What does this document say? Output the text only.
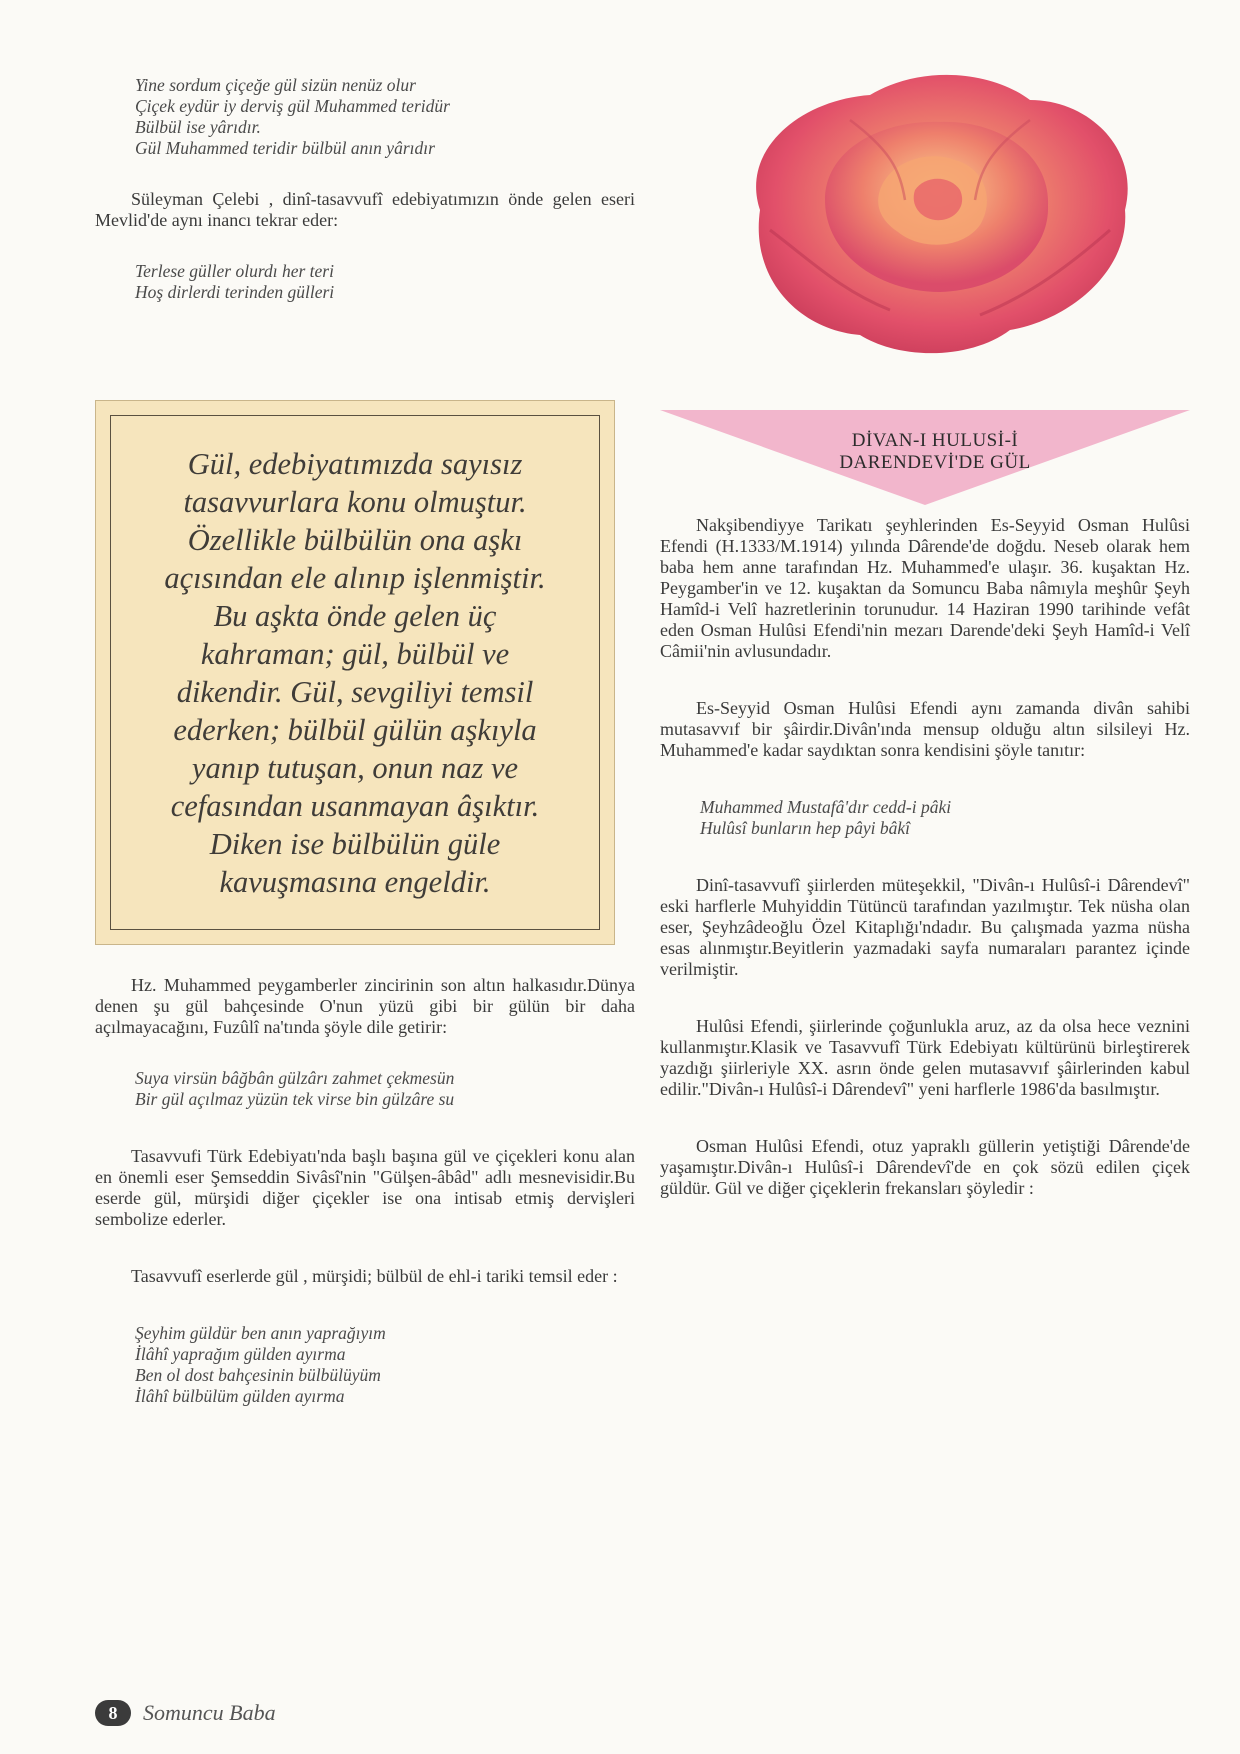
Yine sordum çiçeğe gül sizün nenüz olur
Çiçek eydür iy derviş gül Muhammed teridür
Bülbül ise yârıdır.
Gül Muhammed teridir bülbül anın yârıdır

Süleyman Çelebi , dinî-tasavvufî edebiyatımızın önde gelen eseri Mevlid'de aynı inancı tekrar eder:

Terlese güller olurdı her teri
Hoş dirlerdi terinden gülleri
Gül, edebiyatımızda sayısız
tasavvurlara konu olmuştur.
Özellikle bülbülün ona aşkı
açısından ele alınıp işlenmiştir.
Bu aşkta önde gelen üç
kahraman; gül, bülbül ve
dikendir. Gül, sevgiliyi temsil
ederken; bülbül gülün aşkıyla
yanıp tutuşan, onun naz ve
cefasından usanmayan âşıktır.
Diken ise bülbülün güle
kavuşmasına engeldir.

Hz. Muhammed peygamberler zincirinin son altın halkasıdır.Dünya denen şu gül bahçesinde O'nun yüzü gibi bir gülün bir daha açılmayacağını, Fuzûlî na'tında şöyle dile getirir:

Suya virsün bâğbân gülzârı zahmet çekmesün
Bir gül açılmaz yüzün tek virse bin gülzâre su

Tasavvufi Türk Edebiyatı'nda başlı başına gül ve çiçekleri konu alan en önemli eser Şemseddin Sivâsî'nin "Gülşen-âbâd" adlı mesnevisidir.Bu eserde gül, mürşidi diğer çiçekler ise ona intisab etmiş dervişleri sembolize ederler.

Tasavvufî eserlerde gül , mürşidi; bülbül de ehl-i tariki temsil eder :

Şeyhim güldür ben anın yaprağıyım
İlâhî yaprağım gülden ayırma
Ben ol dost bahçesinin bülbülüyüm
İlâhî bülbülüm gülden ayırma
DİVAN-I HULUSİ-İ
DARENDEVİ'DE GÜL

Nakşibendiyye Tarikatı şeyhlerinden Es-Seyyid Osman Hulûsi Efendi (H.1333/M.1914) yılında Dârende'de doğdu. Neseb olarak hem baba hem anne tarafından Hz. Muhammed'e ulaşır. 36. kuşaktan Hz. Peygamber'in ve 12. kuşaktan da Somuncu Baba nâmıyla meşhûr Şeyh Hamîd-i Velî hazretlerinin torunudur. 14 Haziran 1990 tarihinde vefât eden Osman Hulûsi Efendi'nin mezarı Darende'deki Şeyh Hamîd-i Velî Câmii'nin avlusundadır.

Es-Seyyid Osman Hulûsi Efendi aynı zamanda divân sahibi mutasavvıf bir şâirdir.Divân'ında mensup olduğu altın silsileyi Hz. Muhammed'e kadar saydıktan sonra kendisini şöyle tanıtır:

Muhammed Mustafâ'dır cedd-i pâki
Hulûsî bunların hep pâyi bâkî

Dinî-tasavvufî şiirlerden müteşekkil, "Divân-ı Hulûsî-i Dârendevî" eski harflerle Muhyiddin Tütüncü tarafından yazılmıştır. Tek nüsha olan eser, Şeyhzâdeoğlu Özel Kitaplığı'ndadır. Bu çalışmada yazma nüsha esas alınmıştır.Beyitlerin yazmadaki sayfa numaraları parantez içinde verilmiştir.

Hulûsi Efendi, şiirlerinde çoğunlukla aruz, az da olsa hece veznini kullanmıştır.Klasik ve Tasavvufî Türk Edebiyatı kültürünü birleştirerek yazdığı şiirleriyle XX. asrın önde gelen mutasavvıf şâirlerinden kabul edilir."Divân-ı Hulûsî-i Dârendevî" yeni harflerle 1986'da basılmıştır.

Osman Hulûsi Efendi, otuz yapraklı güllerin yetiştiği Dârende'de yaşamıştır.Divân-ı Hulûsî-i Dârendevî'de en çok sözü edilen çiçek güldür. Gül ve diğer çiçeklerin frekansları şöyledir :

8	Somuncu Baba
